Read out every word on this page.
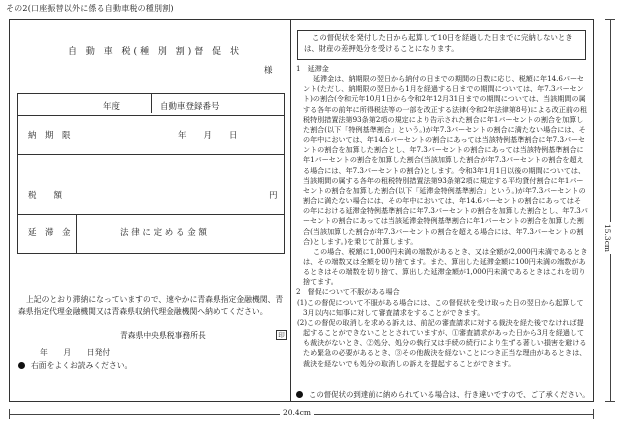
その2(口座振替以外に係る自動車税の種別割)
自 動 車 税(種 別 割)督 促 状
様
年度	自動車登録番号
納　期　限	年　　月　　日
税　　額	円
延　滞　金	法 律 に 定 め る 金 額
上記のとおり滞納になっていますので、速やかに青森県指定金融機関、青森県指定代理金融機関又は青森県収納代理金融機関へ納めてください。
青森県中央県税事務所長	印
年　　月　　日発付
右面をよくお読みください。
この督促状を発付した日から起算して10日を経過した日までに完納しないときは、財産の差押処分を受けることになります。

1　延滞金

延滞金は、納期限の翌日から納付の日までの期間の日数に応じ、税額に年14.6パーセント(ただし、納期限の翌日から1月を経過する日までの期間については、年7.3パーセント)の割合(令和元年10月1日から令和2年12月31日までの期間については、当該期間の属する各年の前年に所得税法等の一部を改正する法律(令和2年法律第8号)による改正前の租税特別措置法第93条第2項の規定により告示された割合に年1パーセントの割合を加算した割合(以下「特例基準割合」という。)が年7.3パーセントの割合に満たない場合には、その年中においては、年14.6パーセントの割合にあっては当該特例基準割合に年7.3パーセントの割合を加算した割合とし、年7.3パーセントの割合にあっては当該特例基準割合に年1パーセントの割合を加算した割合(当該加算した割合が年7.3パーセントの割合を超える場合には、年7.3パーセントの割合)とします。令和3年1月1日以後の期間については、当該期間の属する各年の租税特別措置法第93条第2項に規定する平均貸付割合に年1パーセントの割合を加算した割合(以下「延滞金特例基準割合」という。)が年7.3パーセントの割合に満たない場合には、その年中においては、年14.6パーセントの割合にあってはその年における延滞金特例基準割合に年7.3パーセントの割合を加算した割合とし、年7.3パーセントの割合にあっては当該延滞金特例基準割合に年1パーセントの割合を加算した割合(当該加算した割合が年7.3パーセントの割合を超える場合には、年7.3パーセントの割合)とします。)を乗じて計算します。

この場合、税額に1,000円未満の端数があるとき、又は全額が2,000円未満であるときは、その端数又は全額を切り捨てます。また、算出した延滞金額に100円未満の端数があるときはその端数を切り捨て、算出した延滞金額が1,000円未満であるときはこれを切り捨てます。

2　督促について不服がある場合

(1)この督促について不服がある場合には、この督促状を受け取った日の翌日から起算して3月以内に知事に対して審査請求をすることができます。

(2)この督促の取消しを求める訴えは、前記の審査請求に対する裁決を経た後でなければ提起することができないこととされていますが、①審査請求があった日から3月を経過しても裁決がないとき、②処分、処分の執行又は手続の続行により生ずる著しい損害を避けるため緊急の必要があるとき、③その他裁決を経ないことにつき正当な理由があるときは、裁決を経ないでも処分の取消しの訴えを提起することができます。

この督促状の到達前に納められている場合は、行き違いですので、ご了承ください。
20.4cm
15.3cm
